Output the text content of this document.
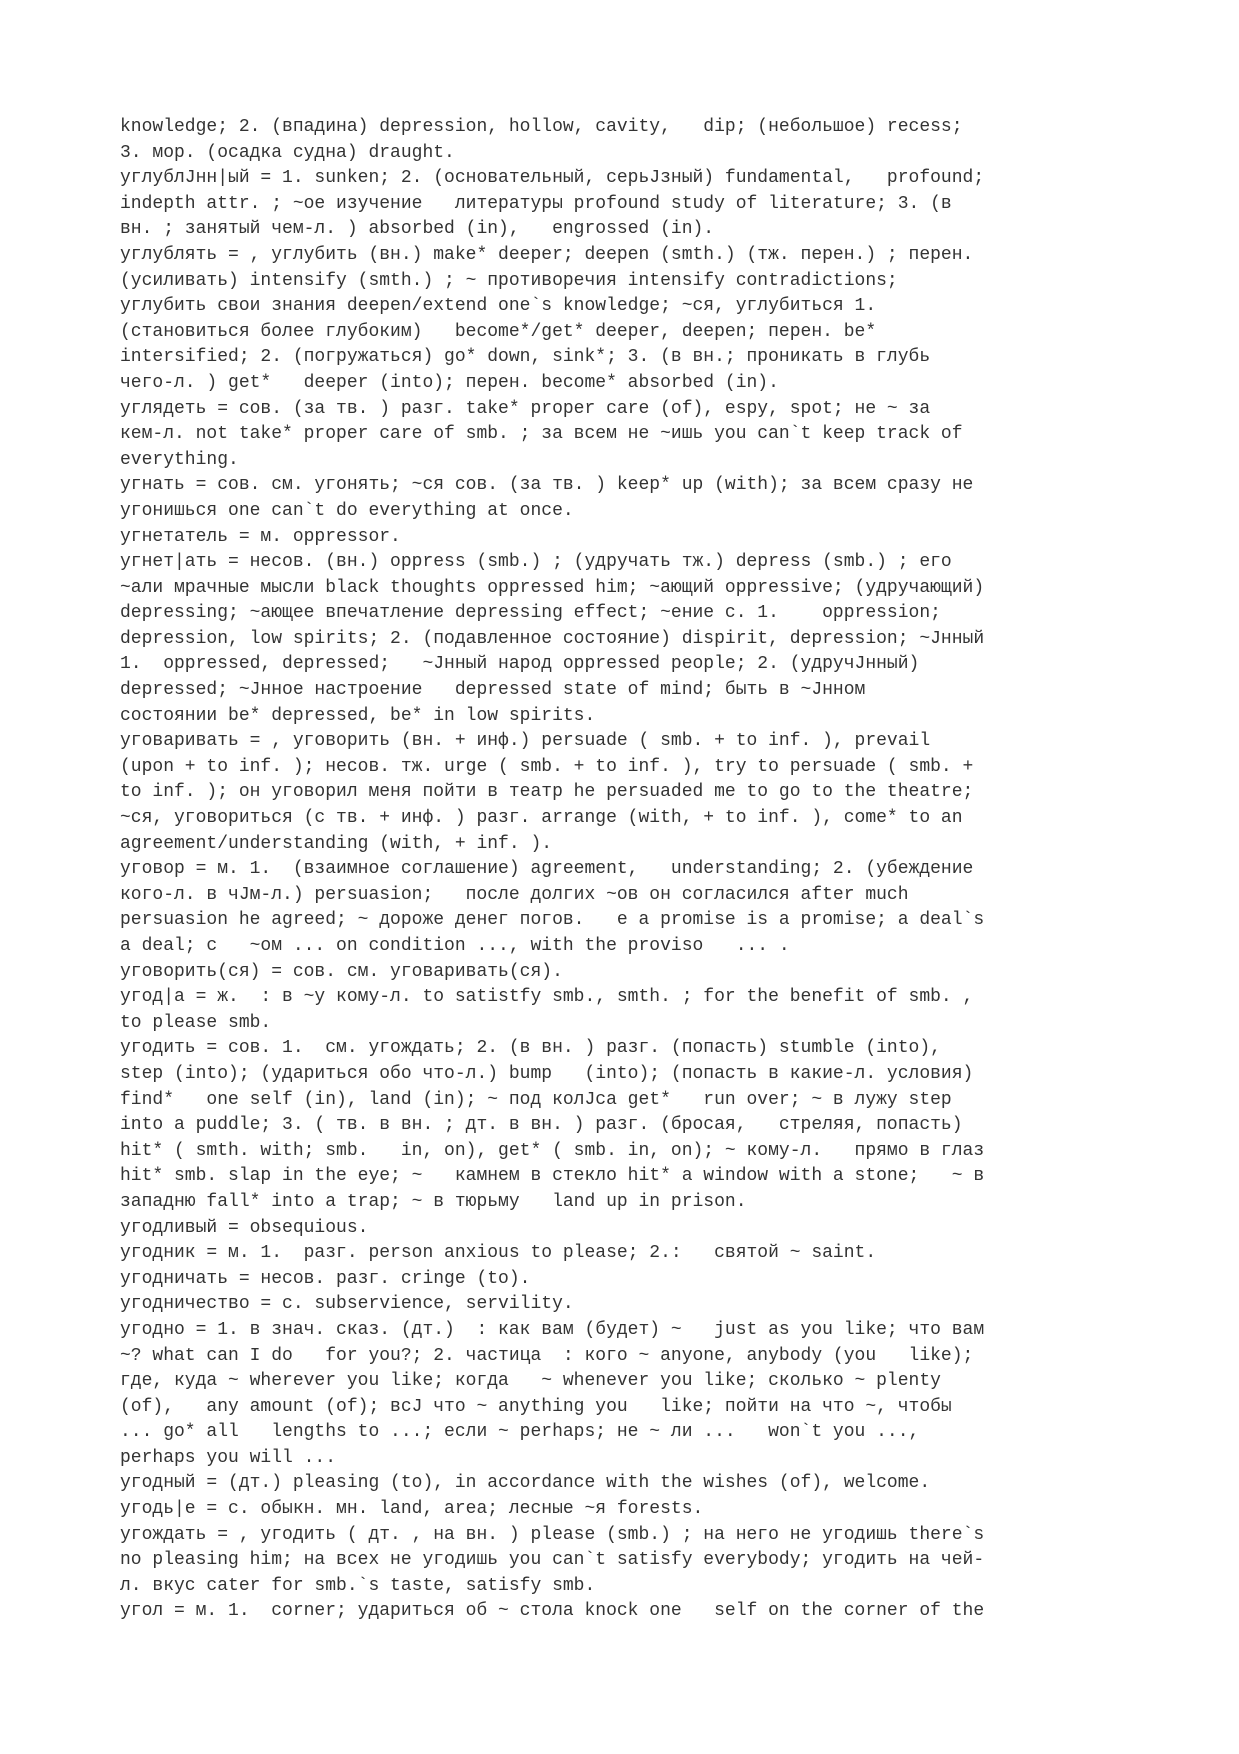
knowledge; 2. (впадина) depression, hollow, cavity,   dip; (небольшое) recess;
3. мор. (осадка судна) draught.
углублJнн|ый = 1. sunken; 2. (основательный, серьJзный) fundamental,   profound;
indepth attr. ; ~ое изучение   литературы profound study of literature; 3. (в
вн. ; занятый чем-л. ) absorbed (in),   engrossed (in).
углублять = , углубить (вн.) make* deeper; deepen (smth.) (тж. перен.) ; перен.
(усиливать) intensify (smth.) ; ~ противоречия intensify contradictions;
углубить свои знания deepen/extend one`s knowledge; ~ся, углубиться 1.
(становиться более глубоким)   become*/get* deeper, deepen; перен. be*
intersified; 2. (погружаться) go* down, sink*; 3. (в вн.; проникать в глубь
чего-л. ) get*   deeper (into); перен. become* absorbed (in).
углядеть = сов. (за тв. ) разг. take* proper care (of), espy, spot; не ~ за
кем-л. not take* proper care of smb. ; за всем не ~ишь you can`t keep track of
everything.
угнать = сов. см. угонять; ~ся сов. (за тв. ) keep* up (with); за всем сразу не
угонишься one can`t do everything at once.
угнетатель = м. oppressor.
угнет|ать = несов. (вн.) oppress (smb.) ; (удручать тж.) depress (smb.) ; его
~али мрачные мысли black thoughts oppressed him; ~ающий oppressive; (удручающий)
depressing; ~ающее впечатление depressing effect; ~ение с. 1.    oppression;
depression, low spirits; 2. (подавленное состояние) dispirit, depression; ~Jнный
1.  oppressed, depressed;   ~Jнный народ oppressed people; 2. (удручJнный)
depressed; ~Jнное настроение   depressed state of mind; быть в ~Jнном
состоянии be* depressed, be* in low spirits.
уговаривать = , уговорить (вн. + инф.) persuade ( smb. + to inf. ), prevail
(upon + to inf. ); несов. тж. urge ( smb. + to inf. ), try to persuade ( smb. +
to inf. ); он уговорил меня пойти в театр he persuaded me to go to the theatre;
~ся, уговориться (с тв. + инф. ) разг. arrange (with, + to inf. ), come* to an
agreement/understanding (with, + inf. ).
уговор = м. 1.  (взаимное соглашение) agreement,   understanding; 2. (убеждение
кого-л. в чJм-л.) persuasion;   после долгих ~ов он согласился after much
persuasion he agreed; ~ дороже денег погов.   e a promise is a promise; a deal`s
a deal; с   ~ом ... on condition ..., with the proviso   ... .
уговорить(ся) = сов. см. уговаривать(ся).
угод|а = ж.  : в ~у кому-л. to satistfy smb., smth. ; for the benefit of smb. ,
to please smb.
угодить = сов. 1.  см. угождать; 2. (в вн. ) разг. (попасть) stumble (into),
step (into); (удариться обо что-л.) bump   (into); (попасть в какие-л. условия)
find*   one self (in), land (in); ~ под колJса get*   run over; ~ в лужу step
into a puddle; 3. ( тв. в вн. ; дт. в вн. ) разг. (бросая,   стреляя, попасть)
hit* ( smth. with; smb.   in, on), get* ( smb. in, on); ~ кому-л.   прямо в глаз
hit* smb. slap in the eye; ~   камнем в стекло hit* a window with a stone;   ~ в
западню fall* into a trap; ~ в тюрьму   land up in prison.
угодливый = obsequious.
угодник = м. 1.  разг. person anxious to please; 2.:   святой ~ saint.
угодничать = несов. разг. cringe (to).
угодничество = с. subservience, servility.
угодно = 1. в знач. сказ. (дт.)  : как вам (будет) ~   just as you like; что вам
~? what can I do   for you?; 2. частица  : кого ~ anyone, anybody (you   like);
где, куда ~ wherever you like; когда   ~ whenever you like; сколько ~ plenty
(of),   any amount (of); всJ что ~ anything you   like; пойти на что ~, чтобы
... go* all   lengths to ...; если ~ perhaps; не ~ ли ...   won`t you ...,
perhaps you will ...
угодный = (дт.) pleasing (to), in accordance with the wishes (of), welcome.
угодь|е = с. обыкн. мн. land, area; лесные ~я forests.
угождать = , угодить ( дт. , на вн. ) please (smb.) ; на него не угодишь there`s
no pleasing him; на всех не угодишь you can`t satisfy everybody; угодить на чей-
л. вкус cater for smb.`s taste, satisfy smb.
угол = м. 1.  corner; удариться об ~ стола knock one   self on the corner of the
